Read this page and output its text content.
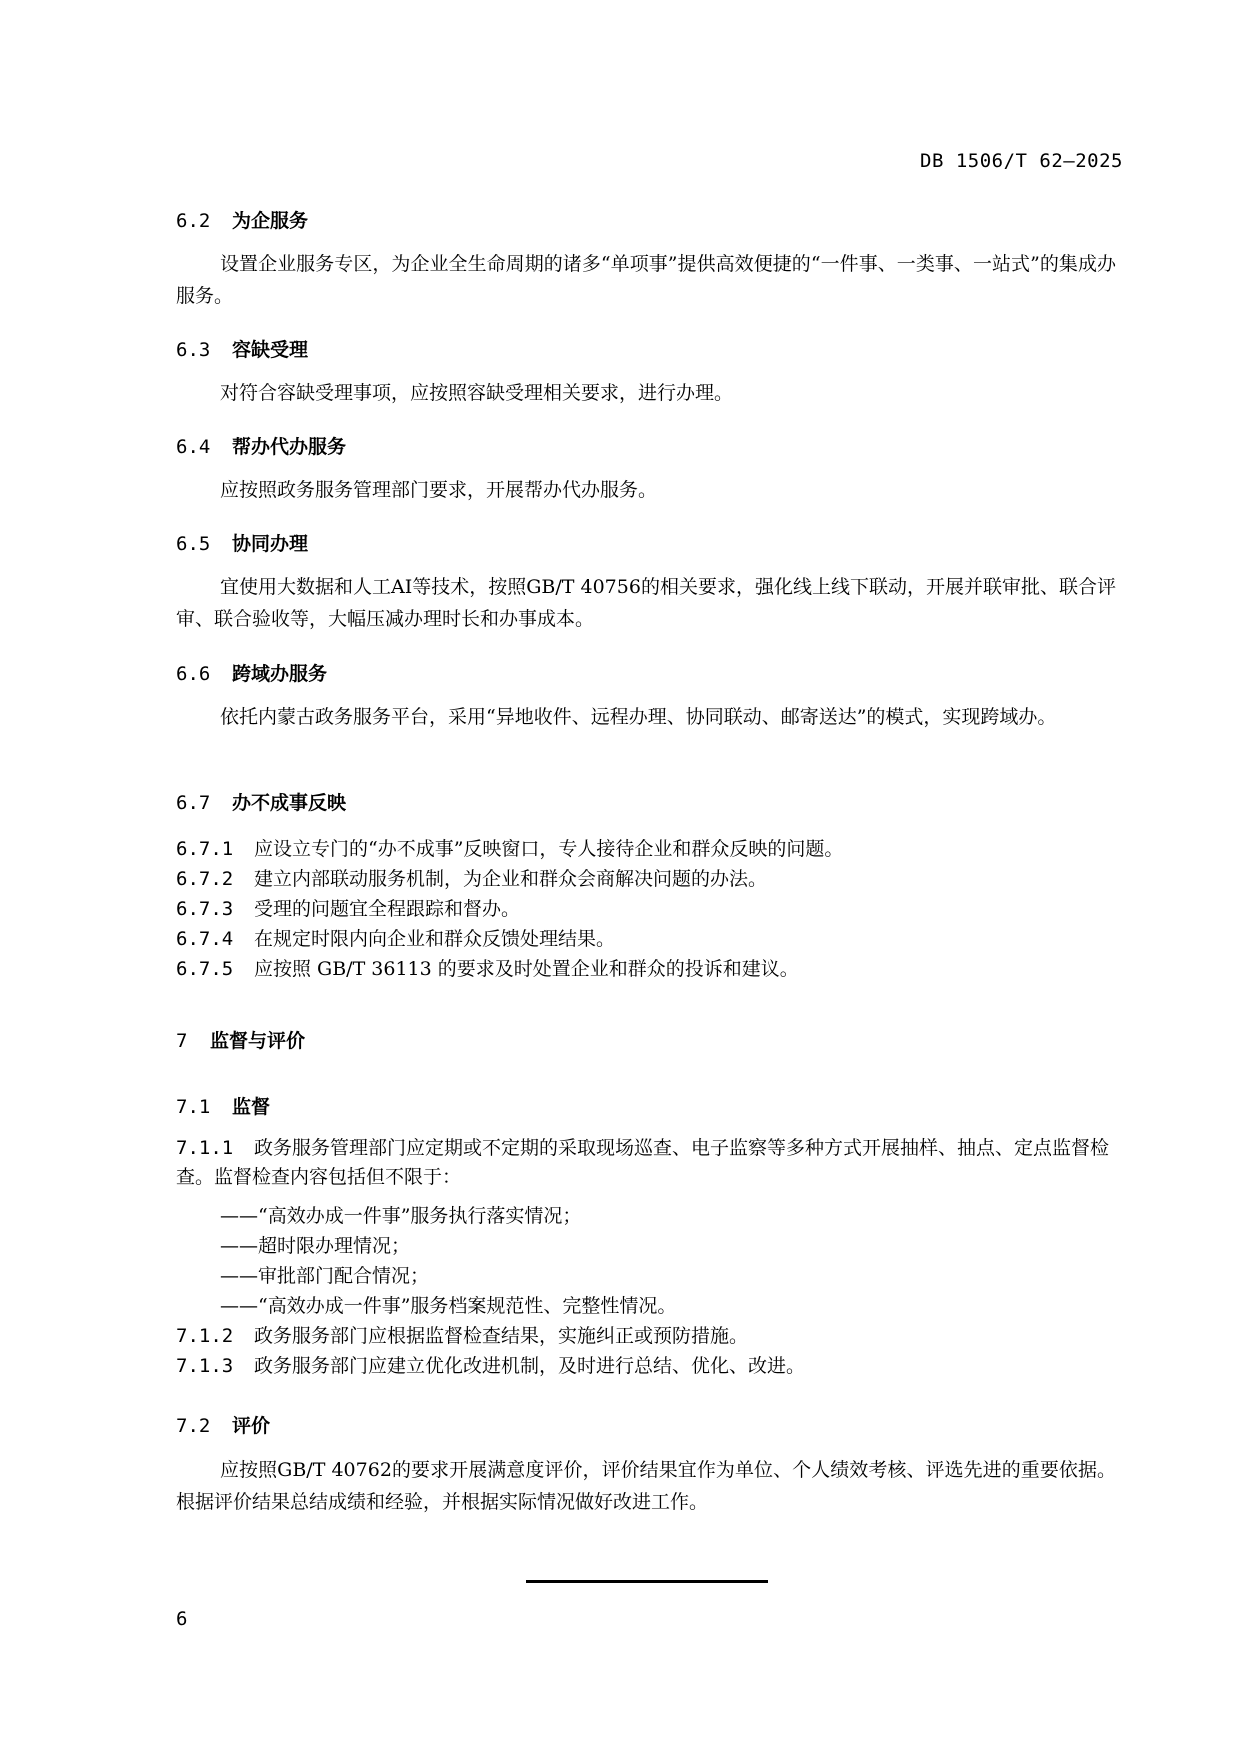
DB 1506/T 62—2025
6.2 为企服务
设置企业服务专区，为企业全生命周期的诸多“单项事”提供高效便捷的“一件事、一类事、一站式”的集成办服务。
6.3 容缺受理
对符合容缺受理事项，应按照容缺受理相关要求，进行办理。
6.4 帮办代办服务
应按照政务服务管理部门要求，开展帮办代办服务。
6.5 协同办理
宜使用大数据和人工AI等技术，按照GB/T 40756的相关要求，强化线上线下联动，开展并联审批、联合评审、联合验收等，大幅压减办理时长和办事成本。
6.6 跨域办服务
依托内蒙古政务服务平台，采用“异地收件、远程办理、协同联动、邮寄送达”的模式，实现跨域办。
6.7 办不成事反映
6.7.1 应设立专门的“办不成事”反映窗口，专人接待企业和群众反映的问题。
6.7.2 建立内部联动服务机制，为企业和群众会商解决问题的办法。
6.7.3 受理的问题宜全程跟踪和督办。
6.7.4 在规定时限内向企业和群众反馈处理结果。
6.7.5 应按照 GB/T 36113 的要求及时处置企业和群众的投诉和建议。
7 监督与评价
7.1 监督
7.1.1 政务服务管理部门应定期或不定期的采取现场巡查、电子监察等多种方式开展抽样、抽点、定点监督检查。监督检查内容包括但不限于：
——“高效办成一件事”服务执行落实情况；
——超时限办理情况；
——审批部门配合情况；
——“高效办成一件事”服务档案规范性、完整性情况。
7.1.2 政务服务部门应根据监督检查结果，实施纠正或预防措施。
7.1.3 政务服务部门应建立优化改进机制，及时进行总结、优化、改进。
7.2 评价
应按照GB/T 40762的要求开展满意度评价，评价结果宜作为单位、个人绩效考核、评选先进的重要依据。根据评价结果总结成绩和经验，并根据实际情况做好改进工作。
6
